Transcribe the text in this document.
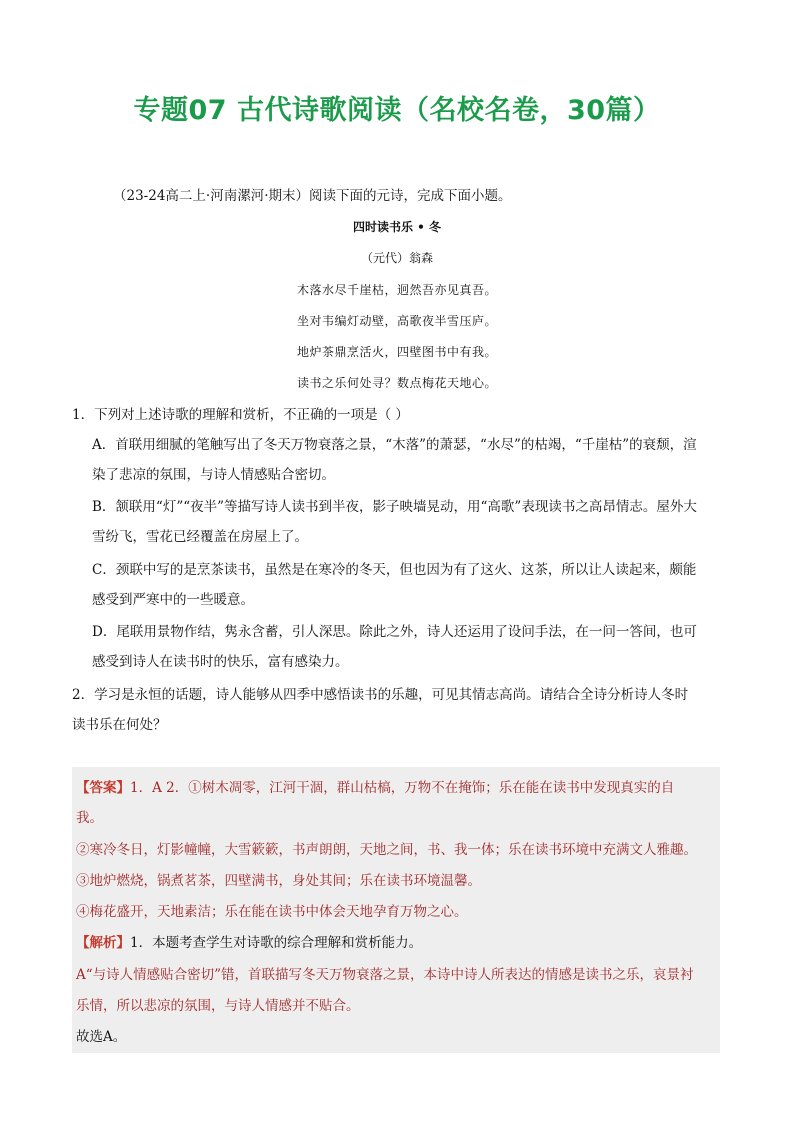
专题07 古代诗歌阅读（名校名卷，30篇）
（23-24高二上·河南漯河·期末）阅读下面的元诗，完成下面小题。
四时读书乐 • 冬
（元代）翁森
木落水尽千崖枯，迥然吾亦见真吾。
坐对韦编灯动壁，高歌夜半雪压庐。
地炉茶鼎烹活火，四壁图书中有我。
读书之乐何处寻？数点梅花天地心。
1．下列对上述诗歌的理解和赏析，不正确的一项是（ ）
A．首联用细腻的笔触写出了冬天万物衰落之景，“木落”的萧瑟，“水尽”的枯竭，“千崖枯”的衰颓，渲
染了悲凉的氛围，与诗人情感贴合密切。
B．颔联用“灯”“夜半”等描写诗人读书到半夜，影子映墙晃动，用“高歌”表现读书之高昂情志。屋外大
雪纷飞，雪花已经覆盖在房屋上了。
C．颈联中写的是烹茶读书，虽然是在寒冷的冬天，但也因为有了这火、这茶，所以让人读起来，颇能
感受到严寒中的一些暖意。
D．尾联用景物作结，隽永含蓄，引人深思。除此之外，诗人还运用了设问手法，在一问一答间，也可
感受到诗人在读书时的快乐，富有感染力。
2．学习是永恒的话题，诗人能够从四季中感悟读书的乐趣，可见其情志高尚。请结合全诗分析诗人冬时
读书乐在何处？
【答案】1．A 2．①树木凋零，江河干涸，群山枯槁，万物不在掩饰；乐在能在读书中发现真实的自
我。
②寒冷冬日，灯影幢幢，大雪簌簌，书声朗朗，天地之间，书、我一体；乐在读书环境中充满文人雅趣。
③地炉燃烧，锅煮茗茶，四壁满书，身处其间；乐在读书环境温馨。
④梅花盛开，天地素洁；乐在能在读书中体会天地孕育万物之心。
【解析】1．本题考查学生对诗歌的综合理解和赏析能力。
A“与诗人情感贴合密切”错，首联描写冬天万物衰落之景，本诗中诗人所表达的情感是读书之乐，哀景衬
乐情，所以悲凉的氛围，与诗人情感并不贴合。
故选A。
